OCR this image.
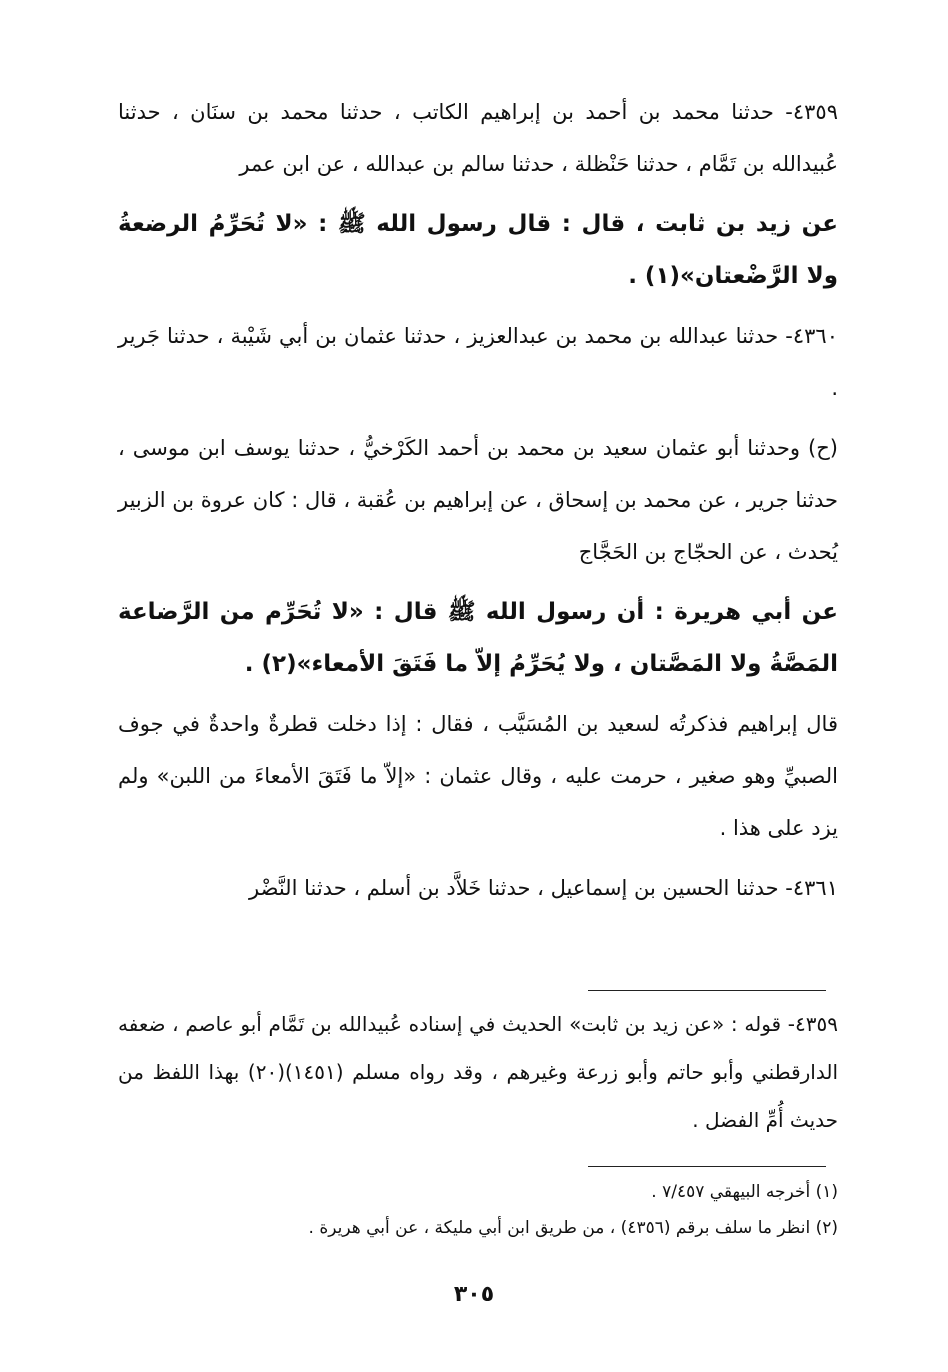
٤٣٥٩- حدثنا محمد بن أحمد بن إبراهيم الكاتب ، حدثنا محمد بن سنَان ، حدثنا عُبيدالله بن تَمَّام ، حدثنا حَنْظلة ، حدثنا سالم بن عبدالله ، عن ابن عمر

عن زيد بن ثابت ، قال : قال رسول الله ﷺ : «لا تُحَرِّمُ الرضعةُ ولا الرَّضْعتان»(١) .

٤٣٦٠- حدثنا عبدالله بن محمد بن عبدالعزيز ، حدثنا عثمان بن أبي شَيْبة ، حدثنا جَرير .

(ح) وحدثنا أبو عثمان سعيد بن محمد بن أحمد الكَرْخيُّ ، حدثنا يوسف ابن موسى ، حدثنا جرير ، عن محمد بن إسحاق ، عن إبراهيم بن عُقبة ، قال : كان عروة بن الزبير يُحدث ، عن الحجّاج بن الحَجَّاج

عن أبي هريرة : أن رسول الله ﷺ قال : «لا تُحَرِّم من الرَّضاعة المَصَّةُ ولا المَصَّتان ، ولا يُحَرِّمُ إلاّ ما فَتَقَ الأمعاء»(٢) .

قال إبراهيم فذكرتُه لسعيد بن المُسَيَّب ، فقال : إذا دخلت قطرةٌ واحدةٌ في جوف الصبيِّ وهو صغير ، حرمت عليه ، وقال عثمان : «إلاّ ما فَتَقَ الأمعاءَ من اللبن» ولم يزد على هذا .

٤٣٦١- حدثنا الحسين بن إسماعيل ، حدثنا خَلاَّد بن أسلم ، حدثنا النَّضْر

٤٣٥٩- قوله : «عن زيد بن ثابت» الحديث في إسناده عُبيدالله بن تَمَّام أبو عاصم ، ضعفه الدارقطني وأبو حاتم وأبو زرعة وغيرهم ، وقد رواه مسلم (١٤٥١)(٢٠) بهذا اللفظ من حديث أُمِّ الفضل .

(١) أخرجه البيهقي ٧/٤٥٧ .

(٢) انظر ما سلف برقم (٤٣٥٦) ، من طريق ابن أبي مليكة ، عن أبي هريرة .

٣٠٥
